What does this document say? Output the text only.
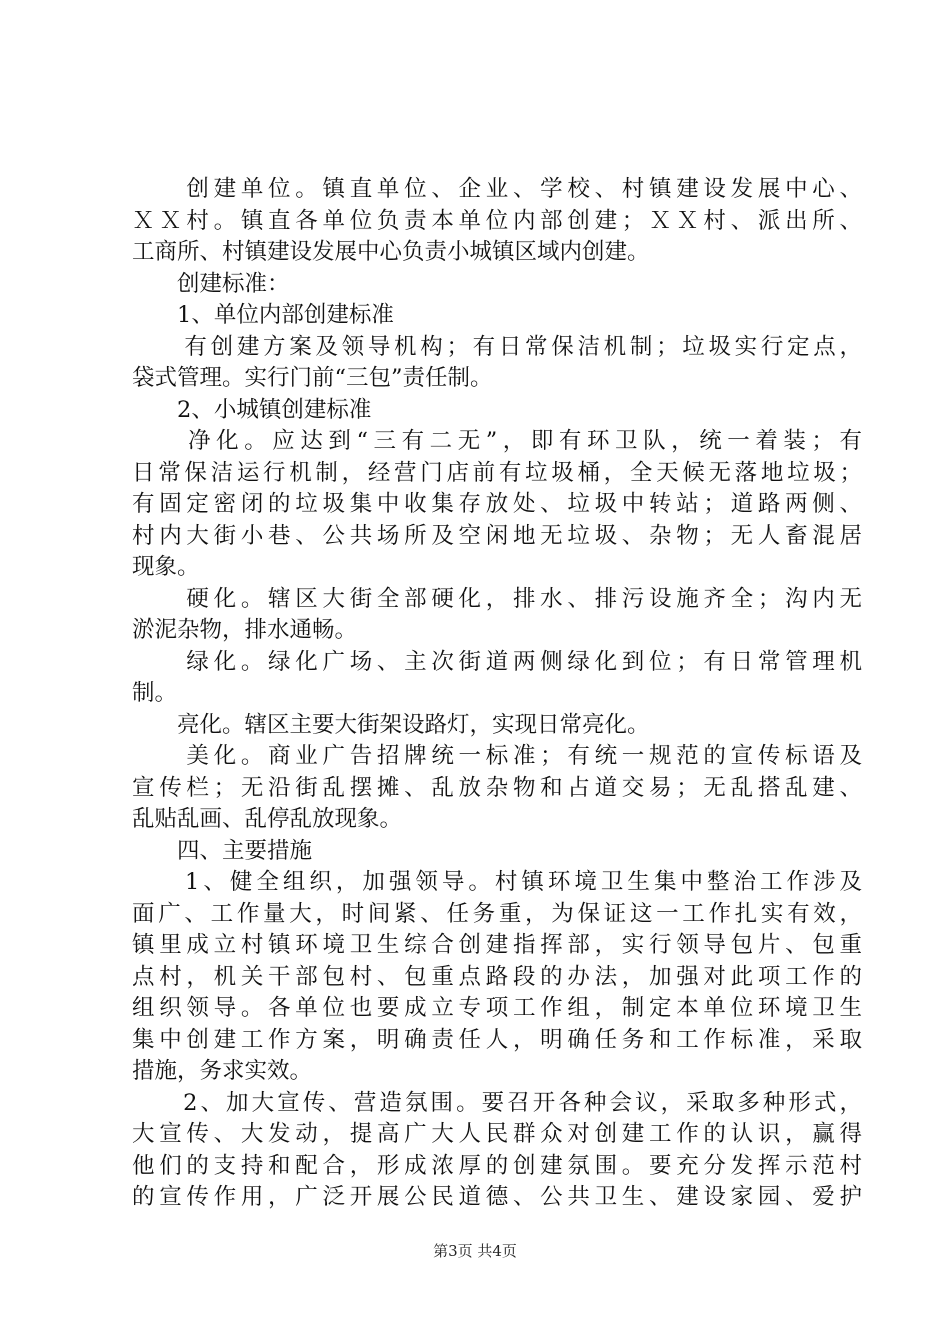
　　创建单位。镇直单位、企业、学校、村镇建设发展中心、
ＸＸ村。镇直各单位负责本单位内部创建；ＸＸ村、派出所、
工商所、村镇建设发展中心负责小城镇区域内创建。
　　创建标准：
　　1、单位内部创建标准
　　有创建方案及领导机构；有日常保洁机制；垃圾实行定点，
袋式管理。实行门前“三包”责任制。
　　2、小城镇创建标准
　　净化。应达到“三有二无”，即有环卫队，统一着装；有
日常保洁运行机制，经营门店前有垃圾桶，全天候无落地垃圾；
有固定密闭的垃圾集中收集存放处、垃圾中转站；道路两侧、
村内大街小巷、公共场所及空闲地无垃圾、杂物；无人畜混居
现象。
　　硬化。辖区大街全部硬化，排水、排污设施齐全；沟内无
淤泥杂物，排水通畅。
　　绿化。绿化广场、主次街道两侧绿化到位；有日常管理机
制。
　　亮化。辖区主要大街架设路灯，实现日常亮化。
　　美化。商业广告招牌统一标准；有统一规范的宣传标语及
宣传栏；无沿街乱摆摊、乱放杂物和占道交易；无乱搭乱建、
乱贴乱画、乱停乱放现象。
　　四、主要措施
　　1、健全组织，加强领导。村镇环境卫生集中整治工作涉及
面广、工作量大，时间紧、任务重，为保证这一工作扎实有效，
镇里成立村镇环境卫生综合创建指挥部，实行领导包片、包重
点村，机关干部包村、包重点路段的办法，加强对此项工作的
组织领导。各单位也要成立专项工作组，制定本单位环境卫生
集中创建工作方案，明确责任人，明确任务和工作标准，采取
措施，务求实效。
　　2、加大宣传、营造氛围。要召开各种会议，采取多种形式，
大宣传、大发动，提高广大人民群众对创建工作的认识，赢得
他们的支持和配合，形成浓厚的创建氛围。要充分发挥示范村
的宣传作用，广泛开展公民道德、公共卫生、建设家园、爱护
第3页 共4页
